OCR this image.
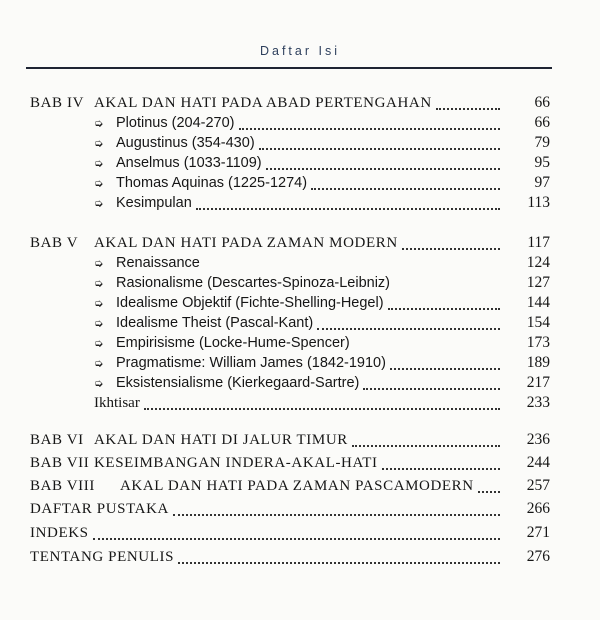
Daftar Isi
BAB IV AKAL DAN HATI PADA ABAD PERTENGAHAN	66
➭ Plotinus (204-270)	66
➭ Augustinus (354-430)	79
➭ Anselmus (1033-1109)	95
➭ Thomas Aquinas (1225-1274)	97
➭ Kesimpulan	113
BAB V	AKAL DAN HATI PADA ZAMAN MODERN	117
➭ Renaissance	124
➭ Rasionalisme (Descartes-Spinoza-Leibniz)	127
➭ Idealisme Objektif (Fichte-Shelling-Hegel)	144
➭ Idealisme Theist (Pascal-Kant)	154
➭ Empirisisme (Locke-Hume-Spencer)	173
➭ Pragmatisme: William James (1842-1910)	189
➭ Eksistensialisme (Kierkegaard-Sartre)	217
Ikhtisar	233
BAB VI AKAL DAN HATI DI JALUR TIMUR	236
BAB VII KESEIMBANGAN INDERA-AKAL-HATI	244
BAB VIII	AKAL DAN HATI PADA ZAMAN PASCAMODERN	257
DAFTAR PUSTAKA	266
INDEKS	271
TENTANG PENULIS	276
